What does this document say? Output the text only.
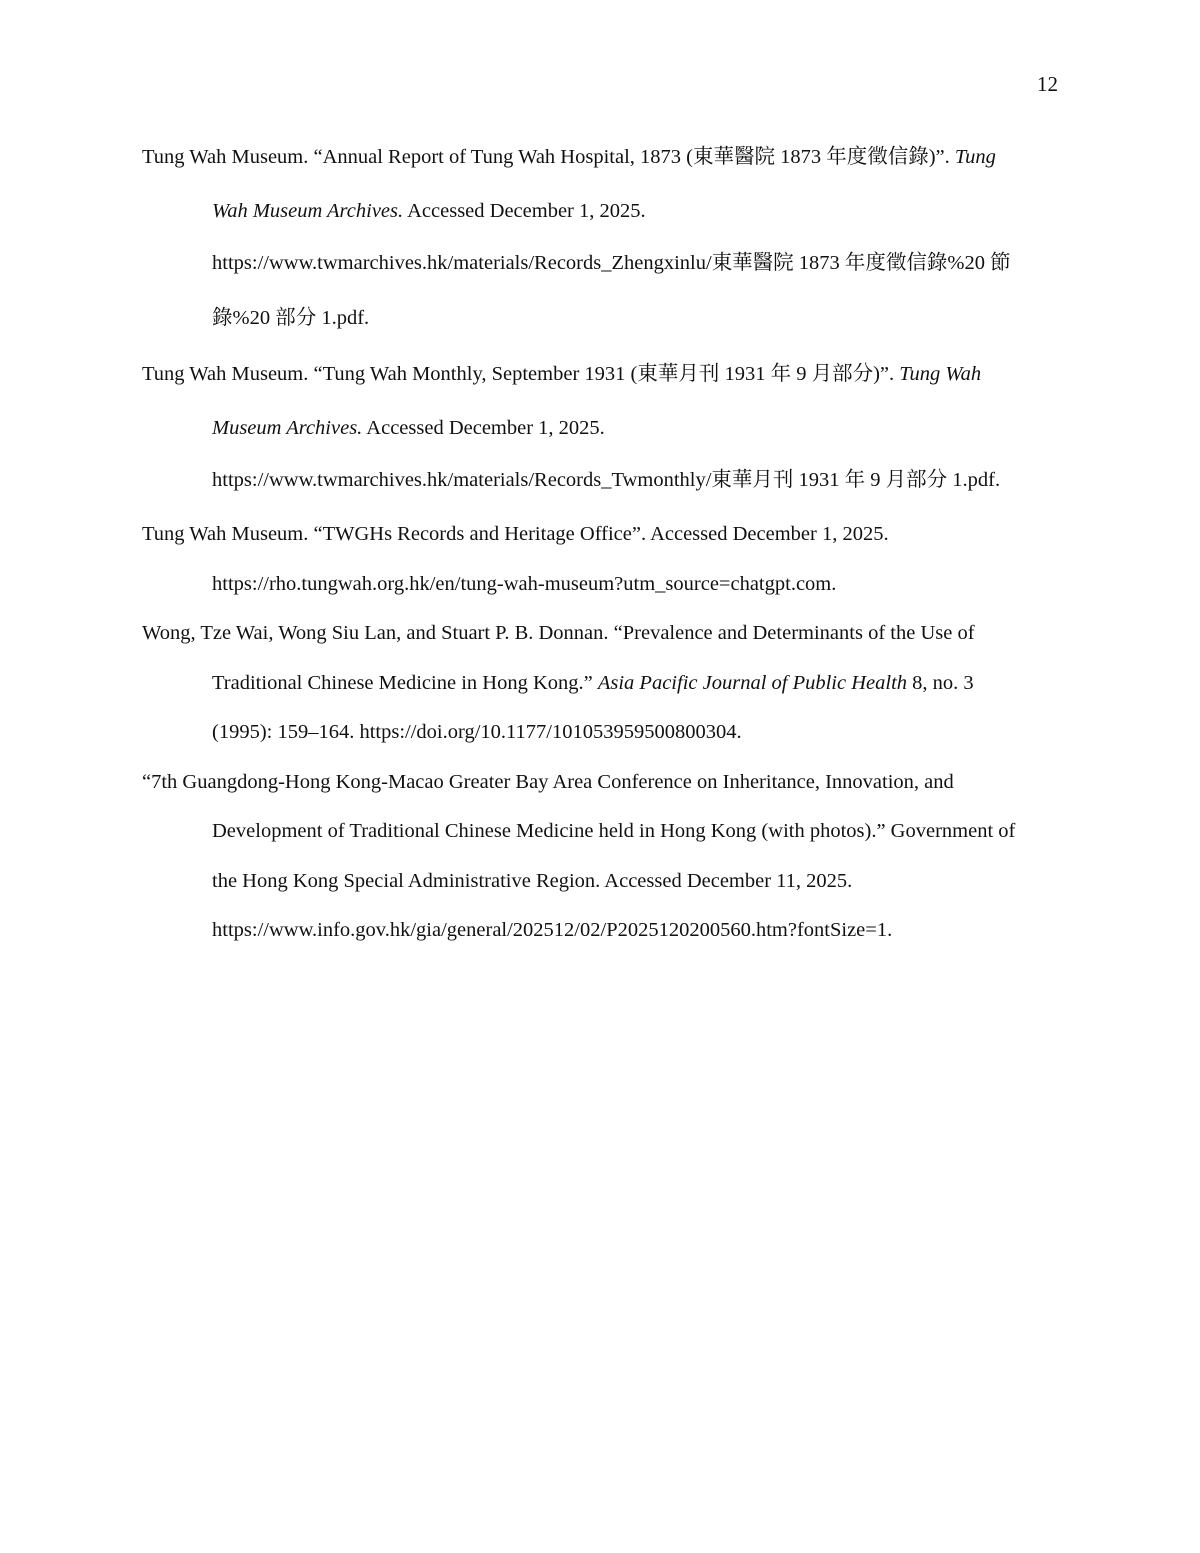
12
Tung Wah Museum. “Annual Report of Tung Wah Hospital, 1873 (東華醫院 1873 年度徵信錄)”. Tung
Wah Museum Archives. Accessed December 1, 2025.
https://www.twmarchives.hk/materials/Records_Zhengxinlu/東華醫院 1873 年度徵信錄%20 節
錄%20 部分 1.pdf.
Tung Wah Museum. “Tung Wah Monthly, September 1931 (東華月刊 1931 年 9 月部分)”. Tung Wah
Museum Archives. Accessed December 1, 2025.
https://www.twmarchives.hk/materials/Records_Twmonthly/東華月刊 1931 年 9 月部分 1.pdf.
Tung Wah Museum. “TWGHs Records and Heritage Office”. Accessed December 1, 2025.
https://rho.tungwah.org.hk/en/tung-wah-museum?utm_source=chatgpt.com.
Wong, Tze Wai, Wong Siu Lan, and Stuart P. B. Donnan. “Prevalence and Determinants of the Use of
Traditional Chinese Medicine in Hong Kong.” Asia Pacific Journal of Public Health 8, no. 3
(1995): 159–164. https://doi.org/10.1177/101053959500800304.
“7th Guangdong-Hong Kong-Macao Greater Bay Area Conference on Inheritance, Innovation, and
Development of Traditional Chinese Medicine held in Hong Kong (with photos).” Government of
the Hong Kong Special Administrative Region. Accessed December 11, 2025.
https://www.info.gov.hk/gia/general/202512/02/P2025120200560.htm?fontSize=1.
